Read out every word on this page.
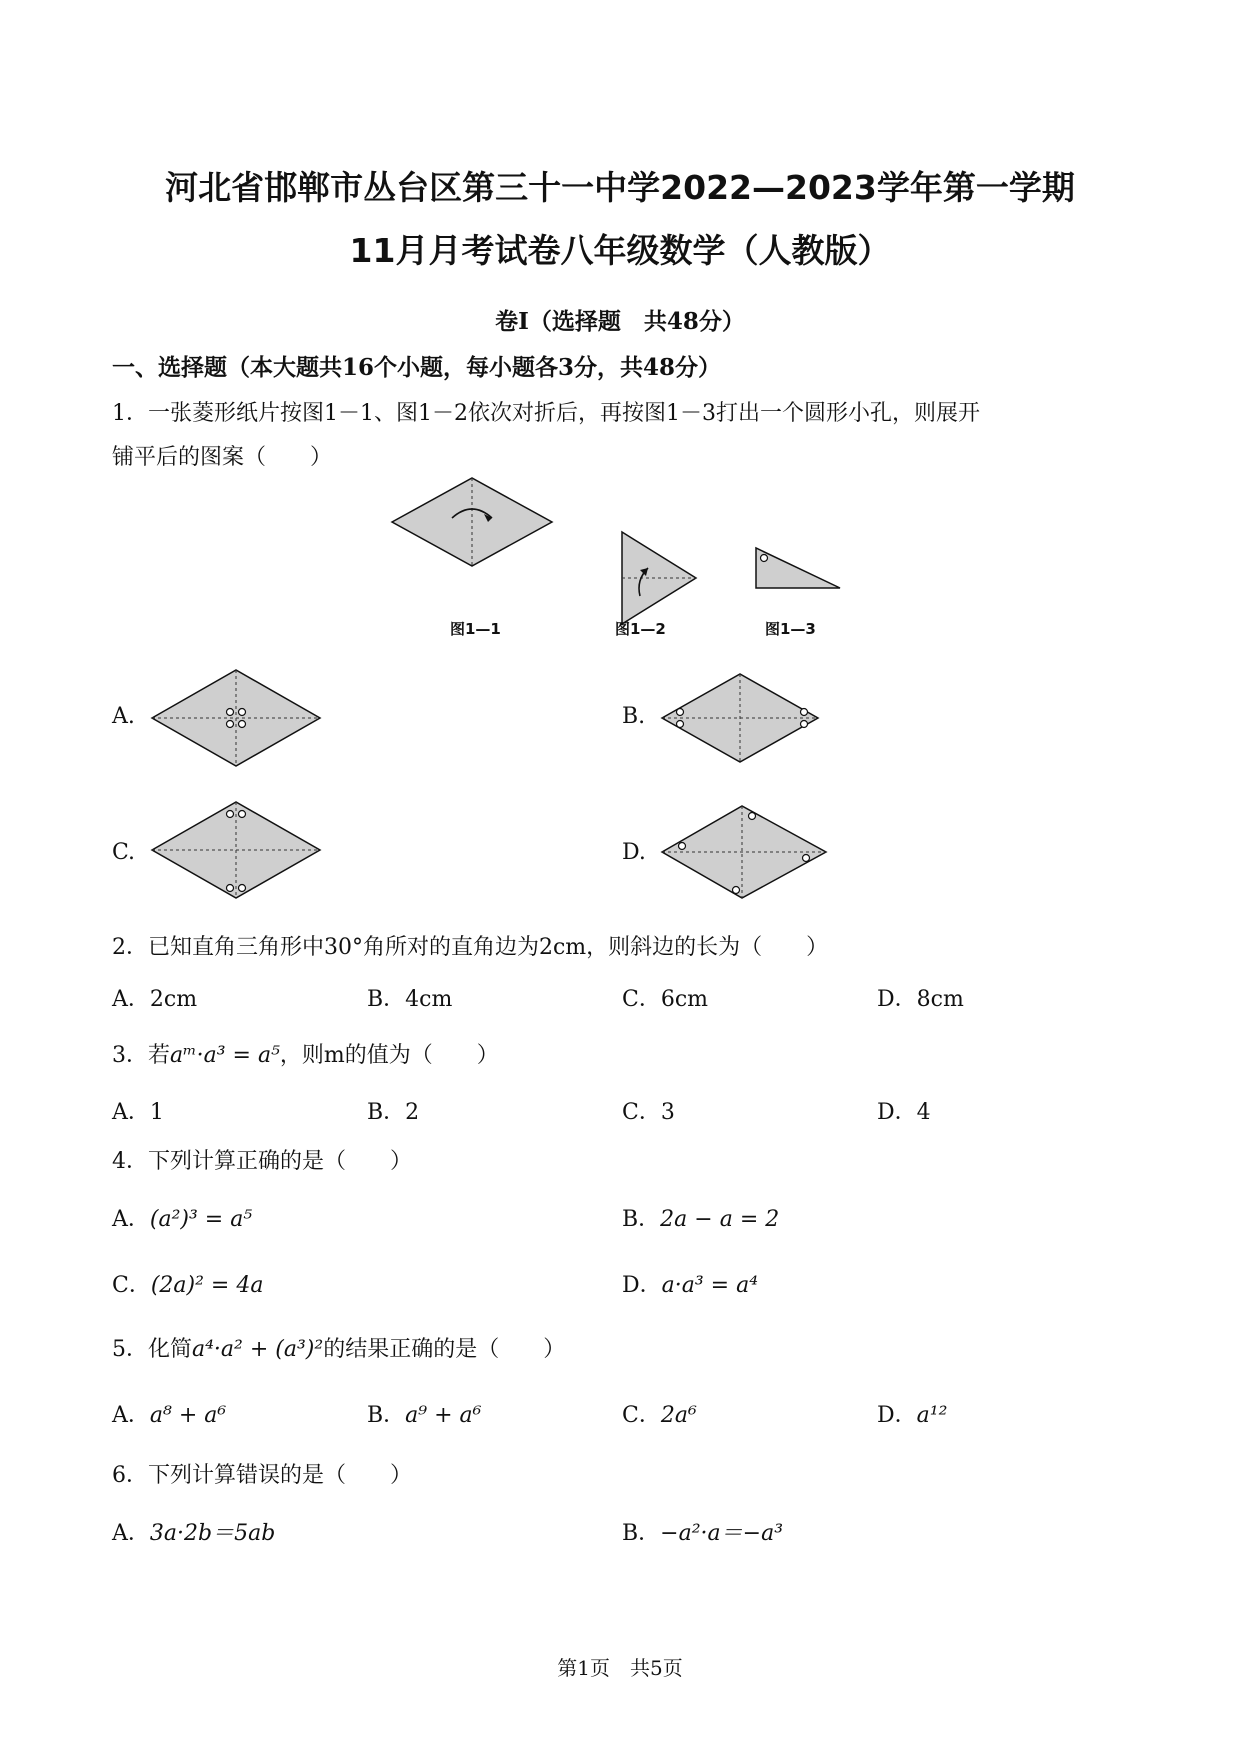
河北省邯郸市丛台区第三十一中学2022—2023学年第一学期
11月月考试卷八年级数学（人教版）
卷Ⅰ（选择题　共48分）
一、选择题（本大题共16个小题，每小题各3分，共48分）
1．一张菱形纸片按图1－1、图1－2依次对折后，再按图1－3打出一个圆形小孔，则展开
铺平后的图案（　　）
图1—1	图1—2	图1—3
A.	B.
C.	D.
2．已知直角三角形中30°角所对的直角边为2cm，则斜边的长为（　　）
A．2cm	B．4cm	C．6cm	D．8cm
3．若aᵐ·a³ = a⁵，则m的值为（　　）
A．1	B．2	C．3	D．4
4．下列计算正确的是（　　）
A．(a²)³ = a⁵	B．2a − a = 2
C．(2a)² = 4a	D．a·a³ = a⁴
5．化简a⁴·a² + (a³)²的结果正确的是（　　）
A．a⁸ + a⁶	B．a⁹ + a⁶	C．2a⁶	D．a¹²
6．下列计算错误的是（　　）
A．3a·2b＝5ab	B．−a²·a＝−a³
第1页　共5页
